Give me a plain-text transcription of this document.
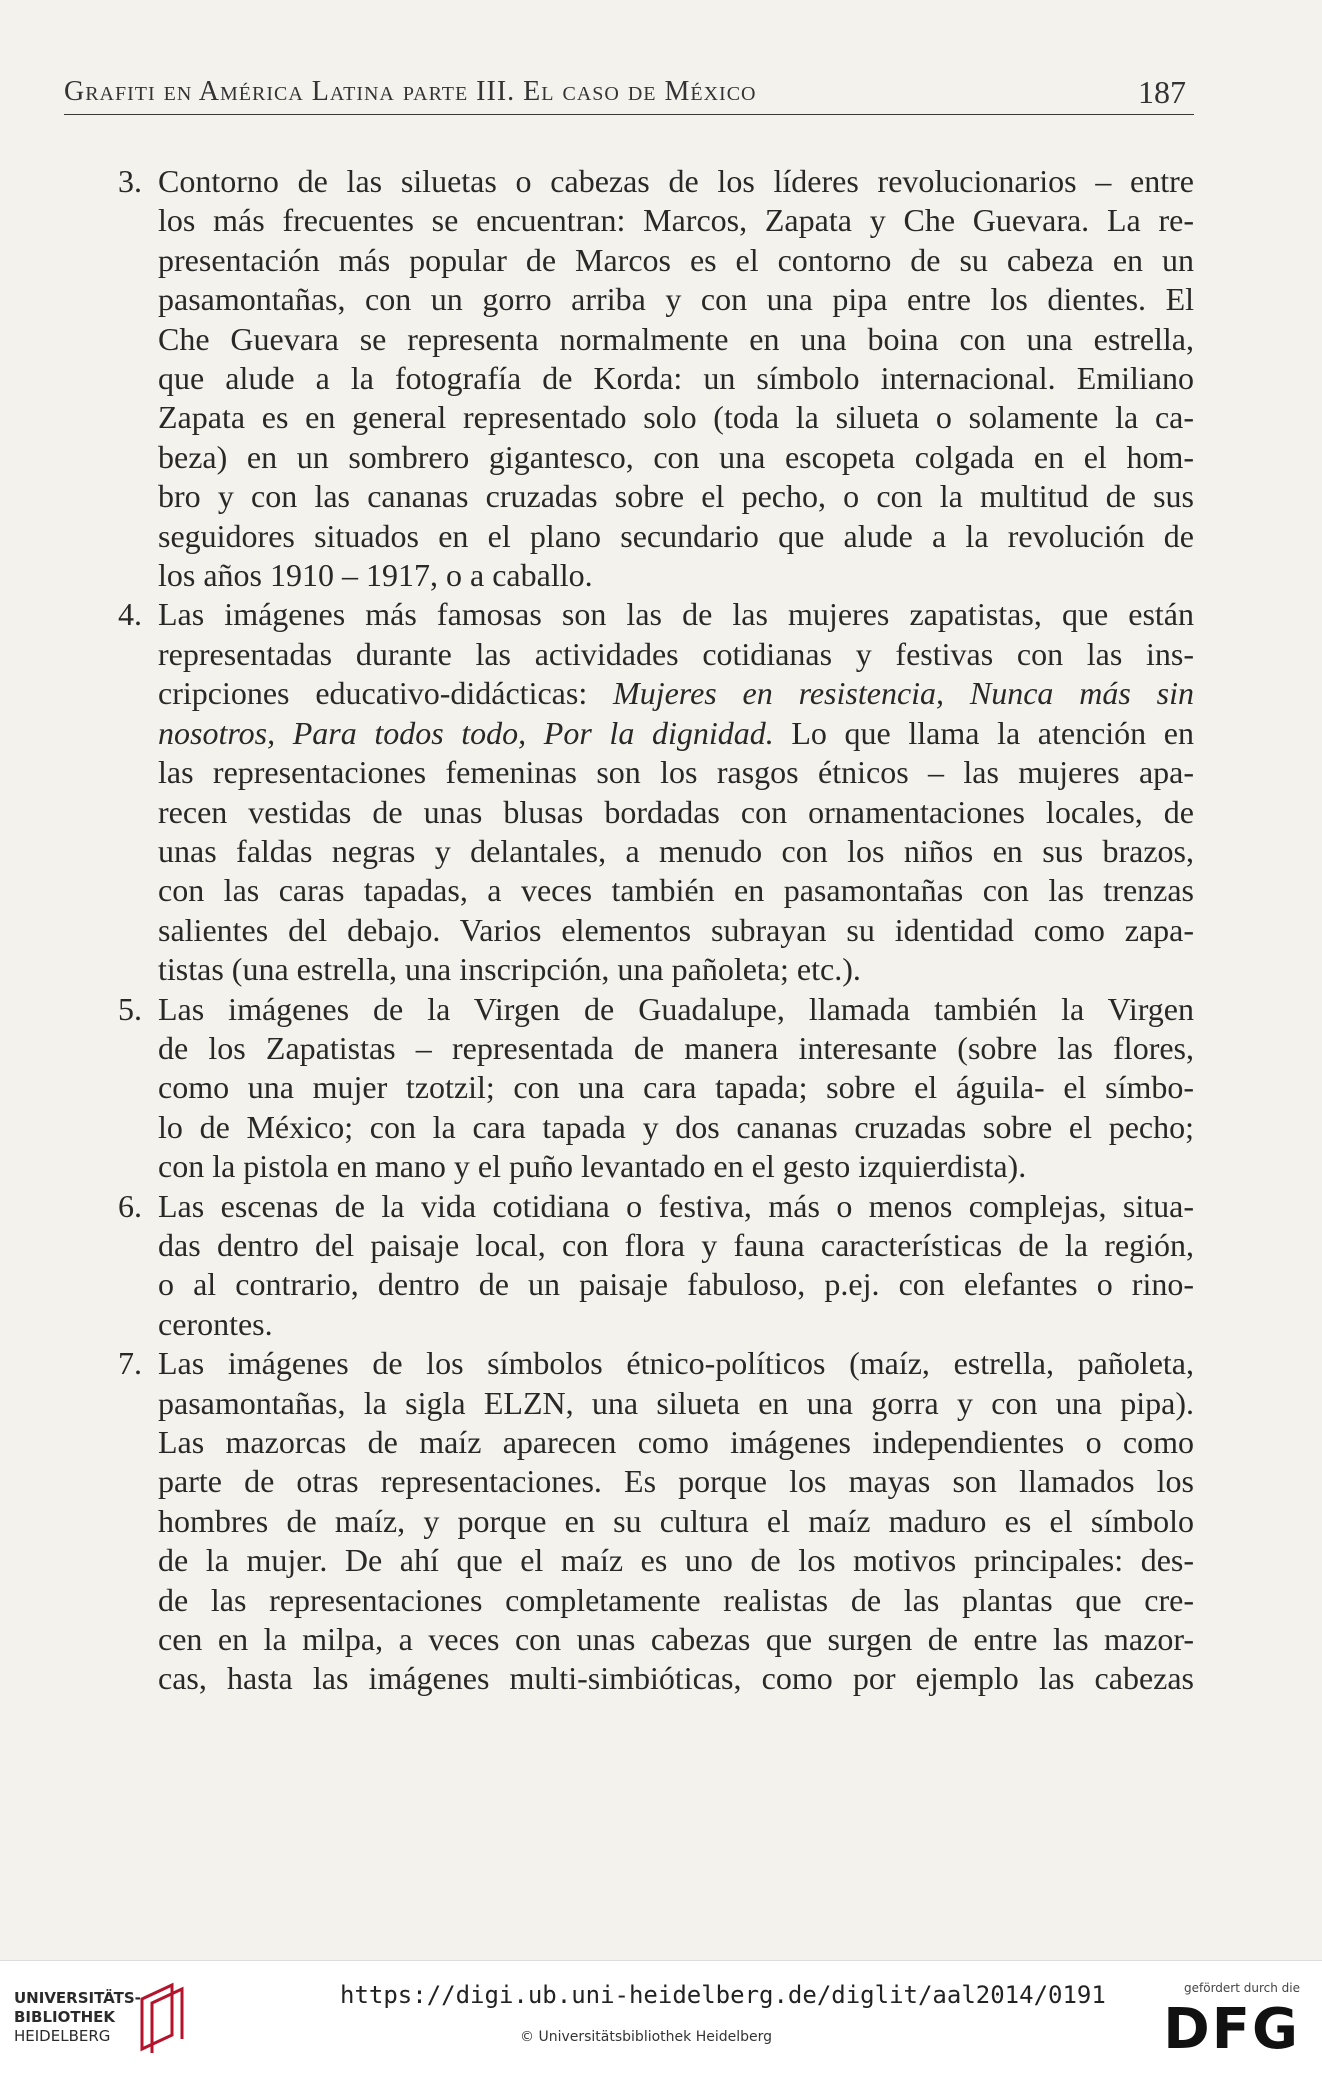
Grafiti en América Latina parte III. El caso de México	187
3. Contorno de las siluetas o cabezas de los líderes revolucionarios – entre
los más frecuentes se encuentran: Marcos, Zapata y Che Guevara. La re-
presentación más popular de Marcos es el contorno de su cabeza en un
pasamontañas, con un gorro arriba y con una pipa entre los dientes. El
Che Guevara se representa normalmente en una boina con una estrella,
que alude a la fotografía de Korda: un símbolo internacional. Emiliano
Zapata es en general representado solo (toda la silueta o solamente la ca-
beza) en un sombrero gigantesco, con una escopeta colgada en el hom-
bro y con las cananas cruzadas sobre el pecho, o con la multitud de sus
seguidores situados en el plano secundario que alude a la revolución de
los años 1910 – 1917, o a caballo.
4. Las imágenes más famosas son las de las mujeres zapatistas, que están
representadas durante las actividades cotidianas y festivas con las ins-
cripciones educativo-didácticas: Mujeres en resistencia, Nunca más sin
nosotros, Para todos todo, Por la dignidad. Lo que llama la atención en
las representaciones femeninas son los rasgos étnicos – las mujeres apa-
recen vestidas de unas blusas bordadas con ornamentaciones locales, de
unas faldas negras y delantales, a menudo con los niños en sus brazos,
con las caras tapadas, a veces también en pasamontañas con las trenzas
salientes del debajo. Varios elementos subrayan su identidad como zapa-
tistas (una estrella, una inscripción, una pañoleta; etc.).
5. Las imágenes de la Virgen de Guadalupe, llamada también la Virgen
de los Zapatistas – representada de manera interesante (sobre las flores,
como una mujer tzotzil; con una cara tapada; sobre el águila- el símbo-
lo de México; con la cara tapada y dos cananas cruzadas sobre el pecho;
con la pistola en mano y el puño levantado en el gesto izquierdista).
6. Las escenas de la vida cotidiana o festiva, más o menos complejas, situa-
das dentro del paisaje local, con flora y fauna características de la región,
o al contrario, dentro de un paisaje fabuloso, p.ej. con elefantes o rino-
cerontes.
7. Las imágenes de los símbolos étnico-políticos (maíz, estrella, pañoleta,
pasamontañas, la sigla ELZN, una silueta en una gorra y con una pipa).
Las mazorcas de maíz aparecen como imágenes independientes o como
parte de otras representaciones. Es porque los mayas son llamados los
hombres de maíz, y porque en su cultura el maíz maduro es el símbolo
de la mujer. De ahí que el maíz es uno de los motivos principales: des-
de las representaciones completamente realistas de las plantas que cre-
cen en la milpa, a veces con unas cabezas que surgen de entre las mazor-
cas, hasta las imágenes multi-simbióticas, como por ejemplo las cabezas
UNIVERSITÄTS-
BIBLIOTHEK
HEIDELBERG
https://digi.ub.uni-heidelberg.de/diglit/aal2014/0191
© Universitätsbibliothek Heidelberg
gefördert durch die
DFG
